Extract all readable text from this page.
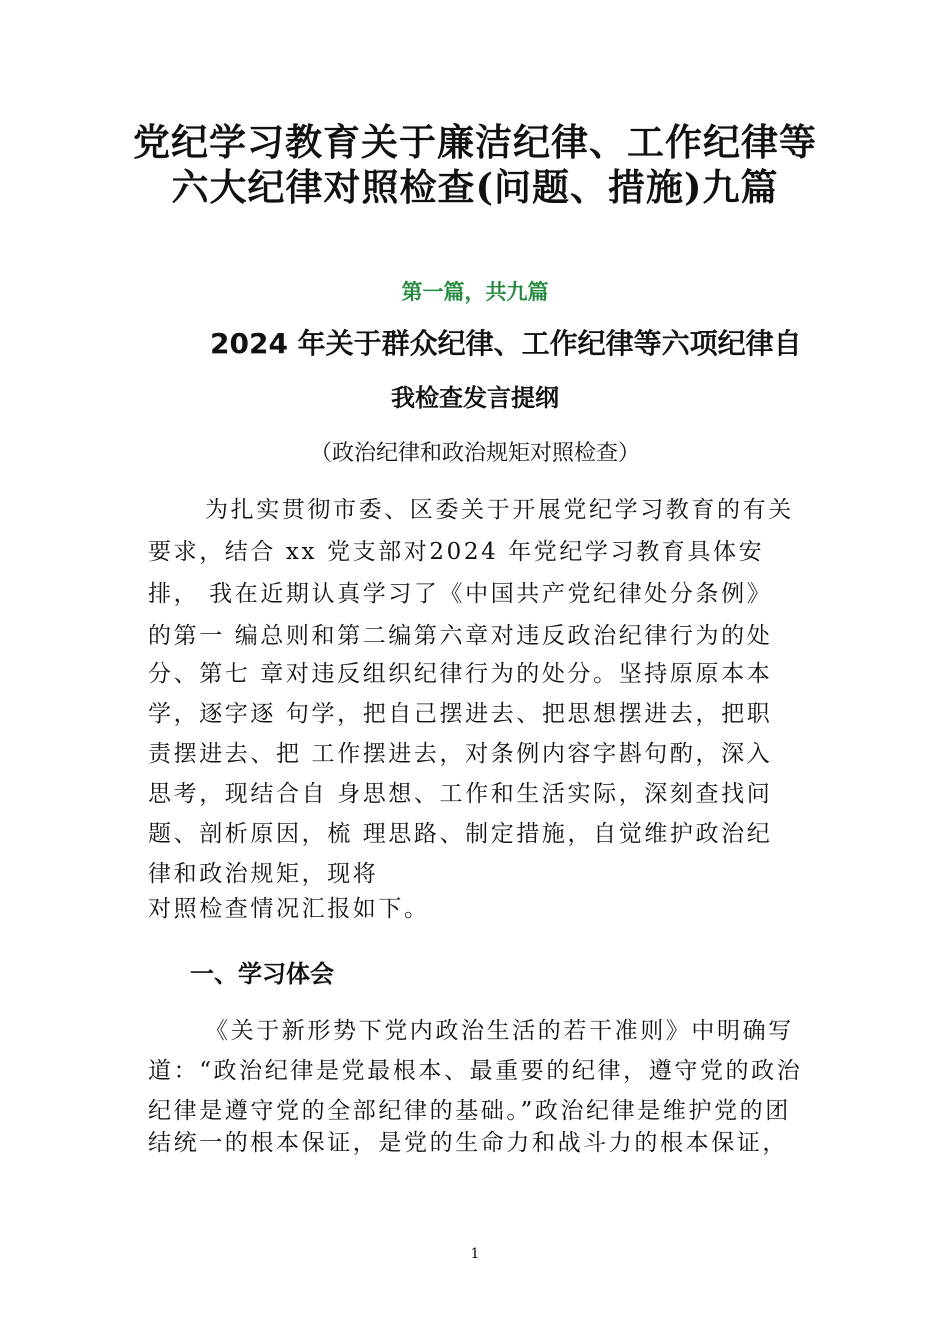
党纪学习教育关于廉洁纪律、工作纪律等
六大纪律对照检查(问题、措施)九篇

第一篇，共九篇

2024 年关于群众纪律、工作纪律等六项纪律自

我检查发言提纲

（政治纪律和政治规矩对照检查）

为扎实贯彻市委、区委关于开展党纪学习教育的有关

要求，结合 xx 党支部对2024 年党纪学习教育具体安

排， 我在近期认真学习了《中国共产党纪律处分条例》

的第一 编总则和第二编第六章对违反政治纪律行为的处

分、第七 章对违反组织纪律行为的处分。坚持原原本本

学，逐字逐 句学，把自己摆进去、把思想摆进去，把职

责摆进去、把 工作摆进去，对条例内容字斟句酌，深入

思考，现结合自 身思想、工作和生活实际，深刻查找问

题、剖析原因，梳 理思路、制定措施，自觉维护政治纪

律和政治规矩，现将

对照检查情况汇报如下。

一、学习体会

《关于新形势下党内政治生活的若干准则》中明确写

道：“政治纪律是党最根本、最重要的纪律，遵守党的政治

纪律是遵守党的全部纪律的基础。”政治纪律是维护党的团

结统一的根本保证，是党的生命力和战斗力的根本保证，

1
